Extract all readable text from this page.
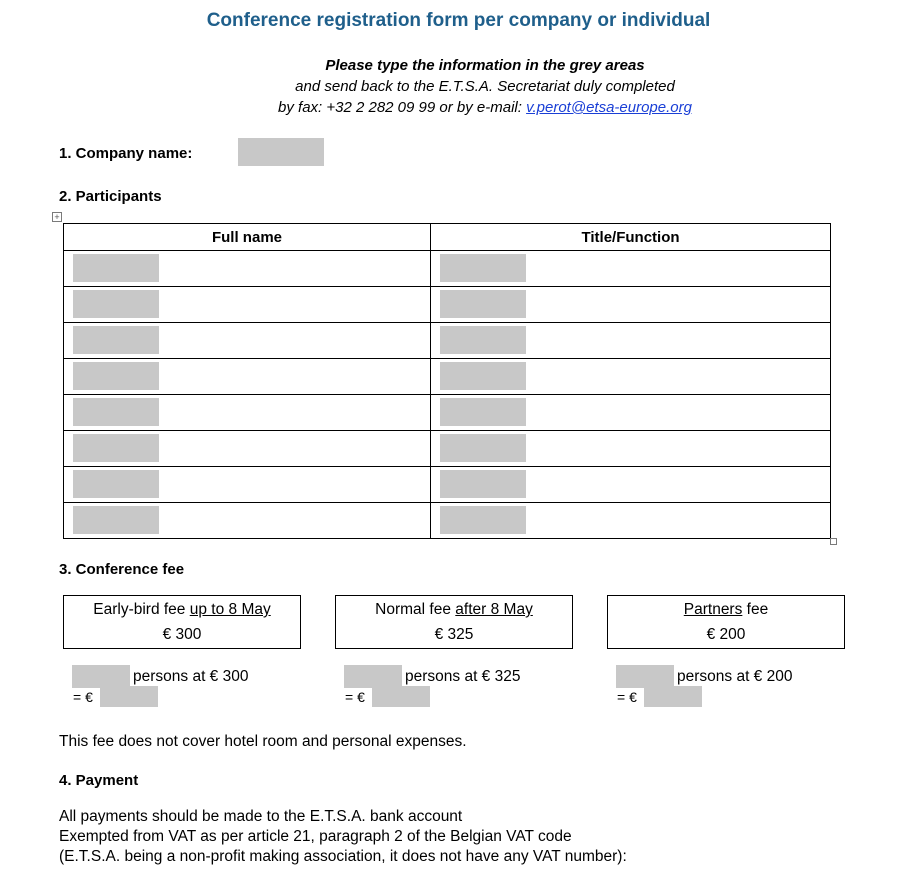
Conference registration form per company or individual
Please type the information in the grey areas
and send back to the E.T.S.A. Secretariat duly completed
by fax: +32 2 282 09 99 or by e-mail: v.perot@etsa-europe.org
1. Company name:
2. Participants
+
Full name	Title/Function

3. Conference fee
Early-bird fee up to 8 May
€ 300
Normal fee after 8 May
€ 325
Partners fee
€ 200
persons at € 300
= €
persons at € 325
= €
persons at € 200
= €
This fee does not cover hotel room and personal expenses.
4. Payment
All payments should be made to the E.T.S.A. bank account
Exempted from VAT as per article 21, paragraph 2 of the Belgian VAT code
(E.T.S.A. being a non-profit making association, it does not have any VAT number):
